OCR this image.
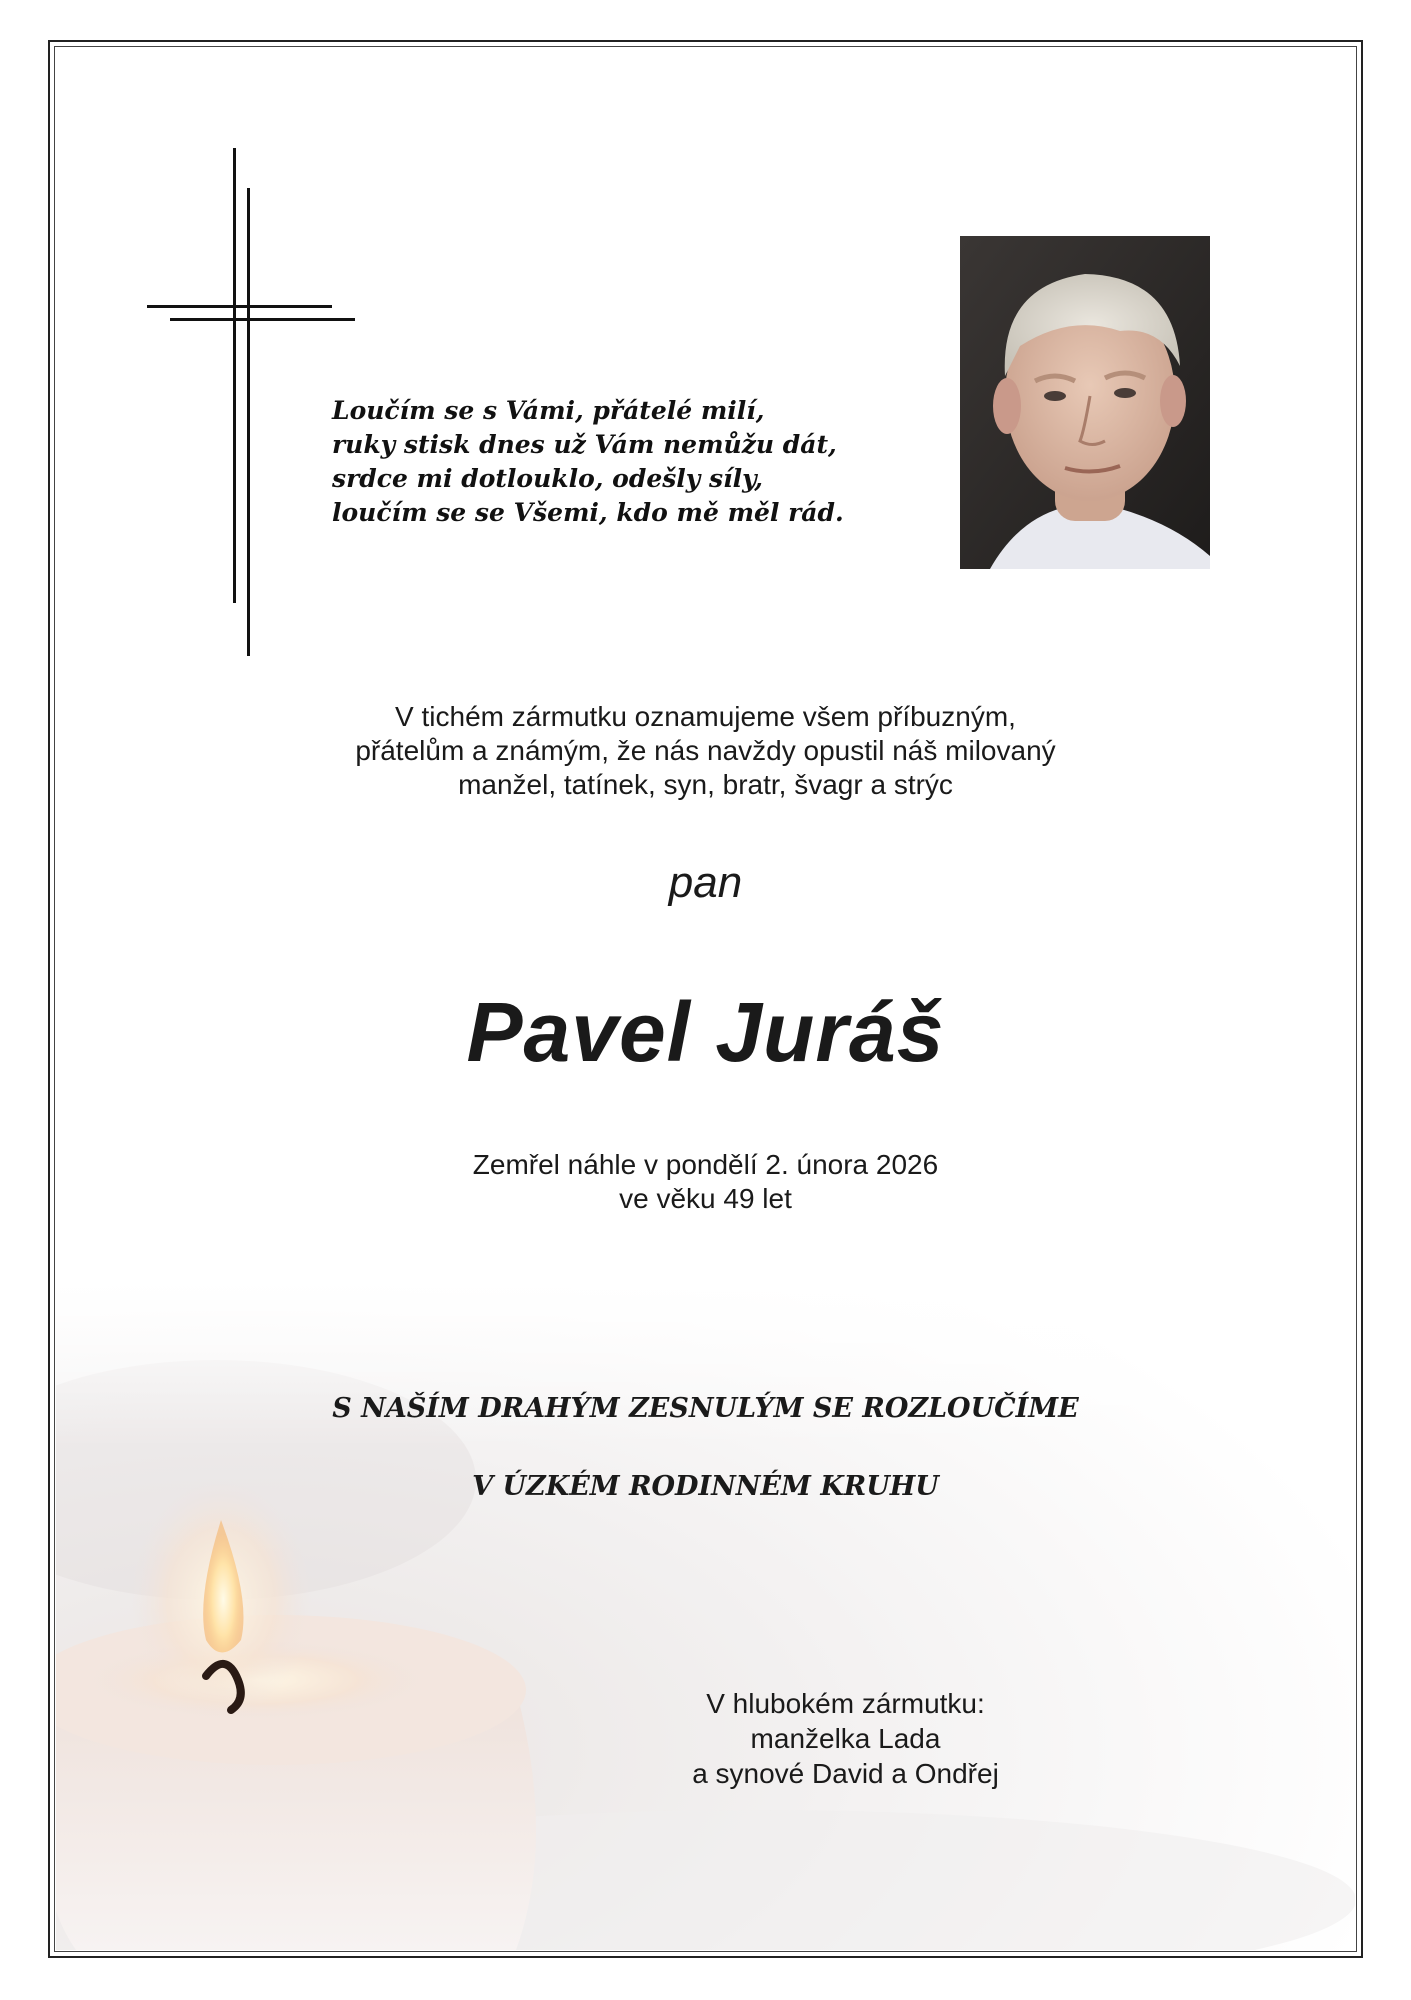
Loučím se s Vámi, přátelé milí,
ruky stisk dnes už Vám nemůžu dát,
srdce mi dotlouklo, odešly síly,
loučím se se Všemi, kdo mě měl rád.
V tichém zármutku oznamujeme všem příbuzným,
přátelům a známým, že nás navždy opustil náš milovaný
manžel, tatínek, syn, bratr, švagr a strýc

pan

Pavel Juráš

Zemřel náhle v pondělí 2. února 2026
ve věku 49 let

S NAŠÍM DRAHÝM ZESNULÝM SE ROZLOUČÍME

V ÚZKÉM RODINNÉM KRUHU

V hlubokém zármutku:
manželka Lada
a synové David a Ondřej
